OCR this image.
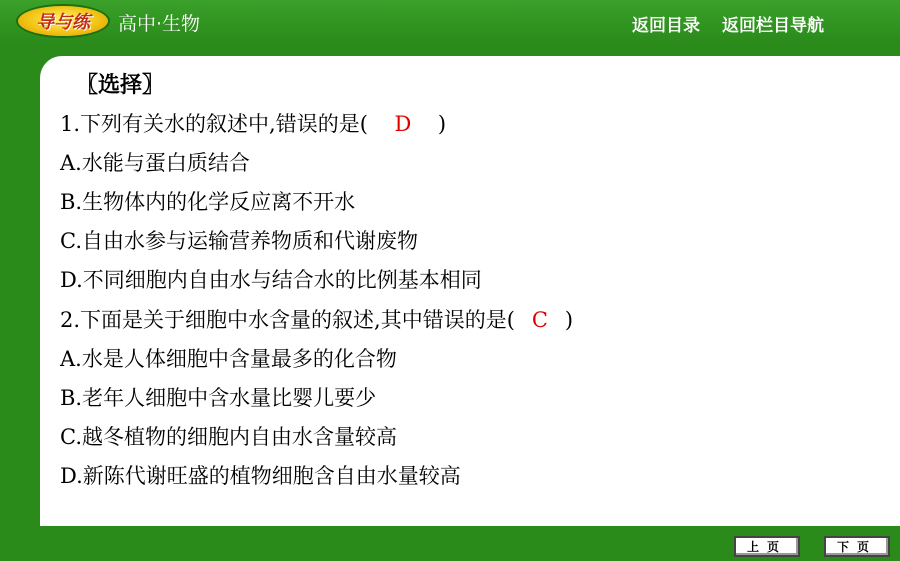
导与练 高中·生物	返回目录 返回栏目导航
〖选择〗
1.下列有关水的叙述中,错误的是( D )
A.水能与蛋白质结合
B.生物体内的化学反应离不开水
C.自由水参与运输营养物质和代谢废物
D.不同细胞内自由水与结合水的比例基本相同
2.下面是关于细胞中水含量的叙述,其中错误的是( C )
A.水是人体细胞中含量最多的化合物
B.老年人细胞中含水量比婴儿要少
C.越冬植物的细胞内自由水含量较高
D.新陈代谢旺盛的植物细胞含自由水量较高
上页	下页
